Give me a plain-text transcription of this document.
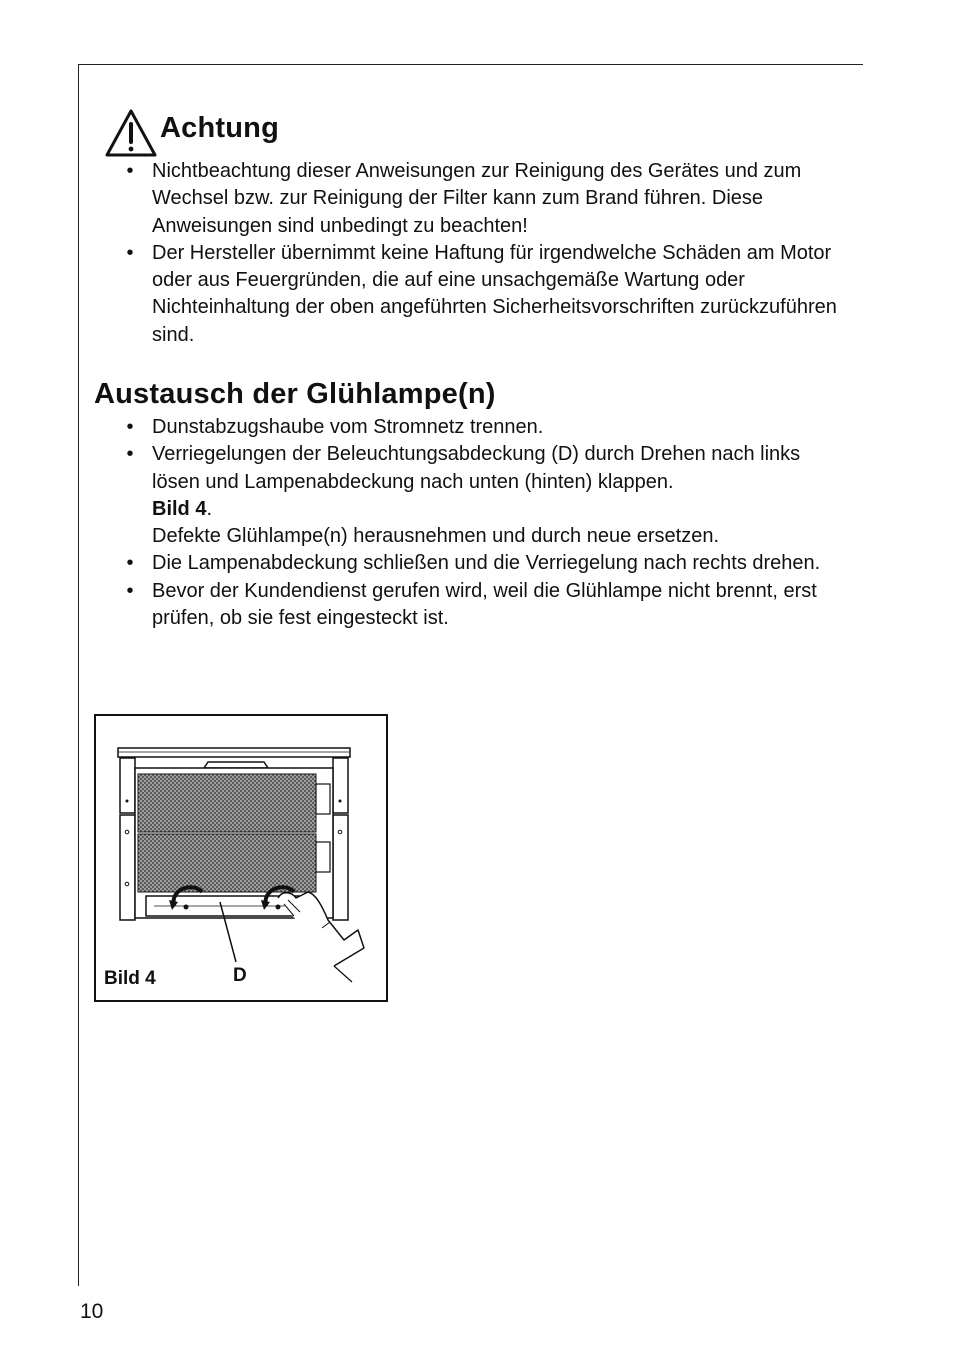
Achtung
• Nichtbeachtung dieser Anweisungen zur Reinigung des Gerätes und zum Wechsel bzw. zur Reinigung der Filter kann zum Brand führen. Diese Anweisungen sind unbedingt zu beachten!
• Der Hersteller übernimmt keine Haftung für irgendwelche Schäden am Motor oder aus Feuergründen, die auf eine unsachgemäße Wartung oder Nichteinhaltung der oben angeführten Sicherheitsvorschriften zurückzuführen sind.
Austausch der Glühlampe(n)
• Dunstabzugshaube vom Stromnetz trennen.
• Verriegelungen der Beleuchtungsabdeckung (D) durch Drehen nach links lösen und Lampenabdeckung nach unten (hinten) klappen.
Bild 4.
Defekte Glühlampe(n) herausnehmen und durch neue ersetzen.
• Die Lampenabdeckung schließen und die Verriegelung nach rechts drehen.
• Bevor der Kundendienst gerufen wird, weil die Glühlampe nicht brennt, erst prüfen, ob sie fest eingesteckt ist.
Bild 4	D
10
